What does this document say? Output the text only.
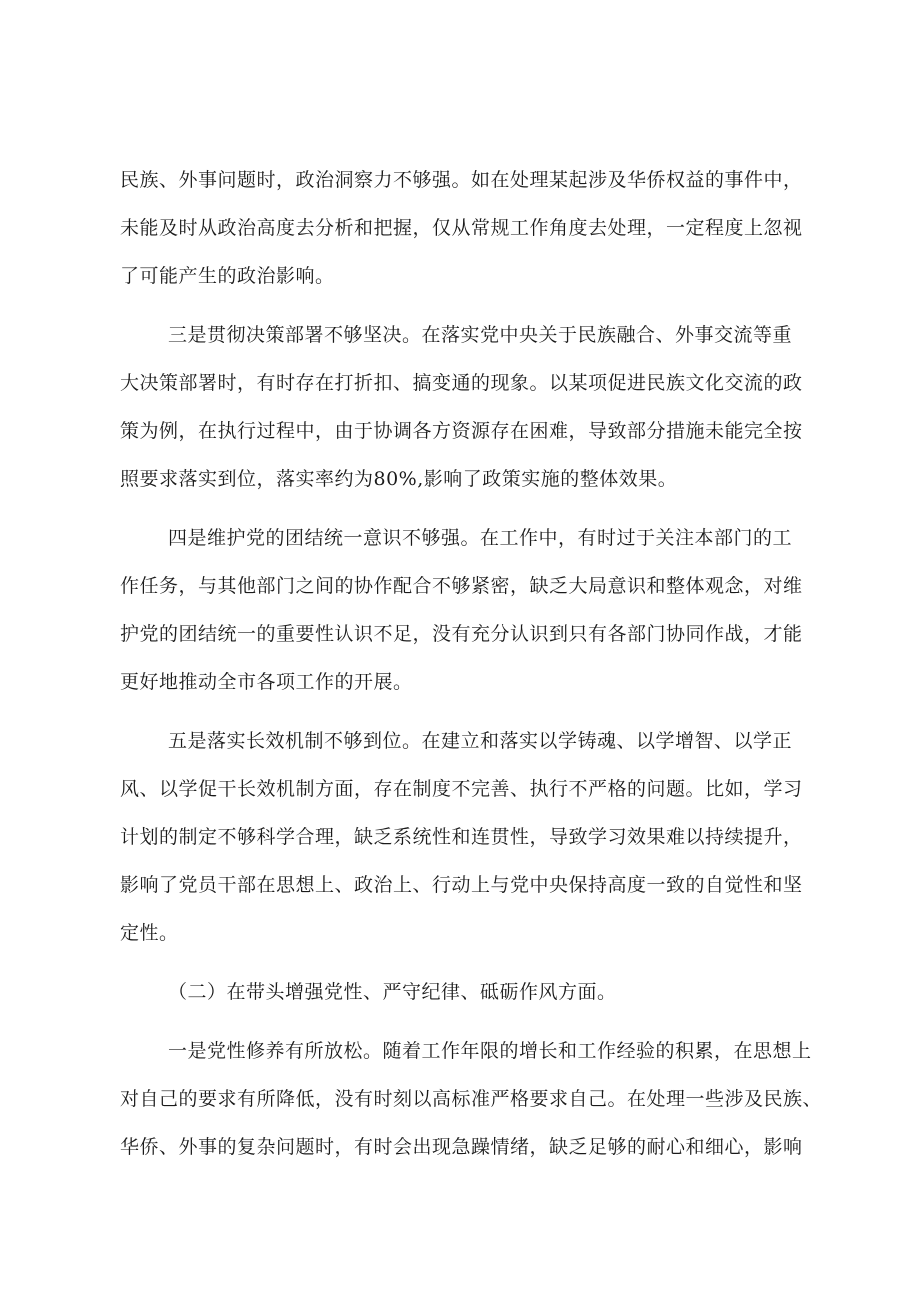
民族、外事问题时，政治洞察力不够强。如在处理某起涉及华侨权益的事件中，
未能及时从政治高度去分析和把握，仅从常规工作角度去处理，一定程度上忽视
了可能产生的政治影响。
三是贯彻决策部署不够坚决。在落实党中央关于民族融合、外事交流等重
大决策部署时，有时存在打折扣、搞变通的现象。以某项促进民族文化交流的政
策为例，在执行过程中，由于协调各方资源存在困难，导致部分措施未能完全按
照要求落实到位，落实率约为80%,影响了政策实施的整体效果。
四是维护党的团结统一意识不够强。在工作中，有时过于关注本部门的工
作任务，与其他部门之间的协作配合不够紧密，缺乏大局意识和整体观念，对维
护党的团结统一的重要性认识不足，没有充分认识到只有各部门协同作战，才能
更好地推动全市各项工作的开展。
五是落实长效机制不够到位。在建立和落实以学铸魂、以学增智、以学正
风、以学促干长效机制方面，存在制度不完善、执行不严格的问题。比如，学习
计划的制定不够科学合理，缺乏系统性和连贯性，导致学习效果难以持续提升，
影响了党员干部在思想上、政治上、行动上与党中央保持高度一致的自觉性和坚
定性。
（二）在带头增强党性、严守纪律、砥砺作风方面。
一是党性修养有所放松。随着工作年限的增长和工作经验的积累，在思想上
对自己的要求有所降低，没有时刻以高标准严格要求自己。在处理一些涉及民族、
华侨、外事的复杂问题时，有时会出现急躁情绪，缺乏足够的耐心和细心，影响
